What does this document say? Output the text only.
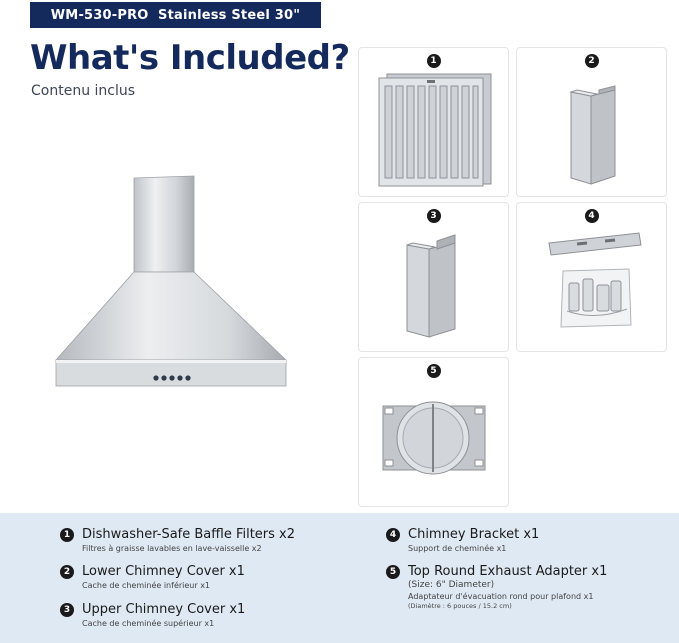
WM-530-PRO
Stainless Steel
30"
What's Included?
Contenu inclus
1	2
3	4
5
1 Dishwasher-Safe Baffle Filters x2
Filtres à graisse lavables en lave-vaisselle x2
2 Lower Chimney Cover x1
Cache de cheminée inférieur x1
3 Upper Chimney Cover x1
Cache de cheminée supérieur x1
4 Chimney Bracket x1
Support de cheminée x1
5 Top Round Exhaust Adapter x1
(Size: 6" Diameter)
Adaptateur d'évacuation rond pour plafond x1
(Diamètre : 6 pouces / 15.2 cm)
